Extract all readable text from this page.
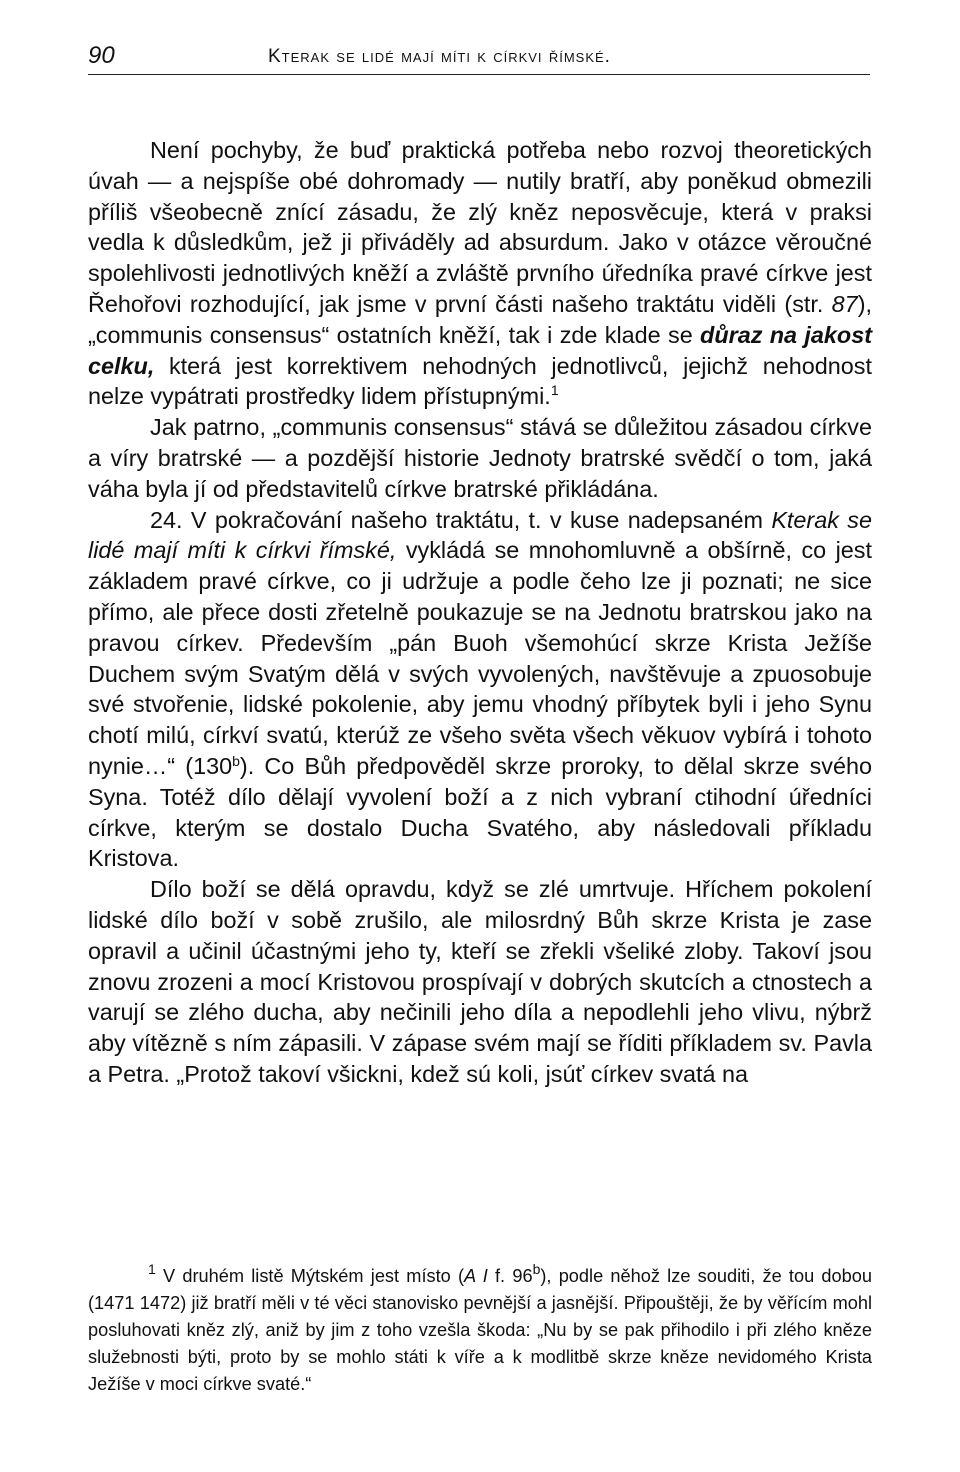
90	Kterak se lidé mají míti k církvi římské.

Není pochyby, že buď praktická potřeba nebo rozvoj theoretických úvah — a nejspíše obé dohromady — nutily bratří, aby poněkud obmezili příliš všeobecně znící zásadu, že zlý kněz neposvěcuje, která v praksi vedla k důsledkům, jež ji přiváděly ad absurdum. Jako v otázce věroučné spolehlivosti jednotlivých kněží a zvláště prvního úředníka pravé církve jest Řehořovi rozhodující, jak jsme v první části našeho traktátu viděli (str. 87), „communis consensus“ ostatních kněží, tak i zde klade se důraz na jakost celku, která jest korrektivem nehodných jednotlivců, jejichž nehodnost nelze vypátrati prostředky lidem přístupnými.$^1$

Jak patrno, „communis consensus“ stává se důležitou zásadou církve a víry bratrské — a pozdější historie Jednoty bratrské svědčí o tom, jaká váha byla jí od představitelů církve bratrské přikládána.

24. V pokračování našeho traktátu, t. v kuse nadepsaném Kterak se lidé mají míti k církvi římské, vykládá se mnohomluvně a obšírně, co jest základem pravé církve, co ji udržuje a podle čeho lze ji poznati; ne sice přímo, ale přece dosti zřetelně poukazuje se na Jednotu bratrskou jako na pravou církev. Především „pán Buoh všemohúcí skrze Krista Ježíše Duchem svým Svatým dělá v svých vyvolených, navštěvuje a zpuosobuje své stvořenie, lidské pokolenie, aby jemu vhodný příbytek byli i jeho Synu chotí milú, církví svatú, kterúž ze všeho světa všech věkuov vybírá i tohoto nynie…“ (130$^b$). Co Bůh předpověděl skrze proroky, to dělal skrze svého Syna. Totéž dílo dělají vyvolení boží a z nich vybraní ctihodní úředníci církve, kterým se dostalo Ducha Svatého, aby následovali příkladu Kristova.

Dílo boží se dělá opravdu, když se zlé umrtvuje. Hříchem pokolení lidské dílo boží v sobě zrušilo, ale milosrdný Bůh skrze Krista je zase opravil a učinil účastnými jeho ty, kteří se zřekli všeliké zloby. Takoví jsou znovu zrozeni a mocí Kristovou prospívají v dobrých skutcích a ctnostech a varují se zlého ducha, aby nečinili jeho díla a nepodlehli jeho vlivu, nýbrž aby vítězně s ním zápasili. V zápase svém mají se říditi příkladem sv. Pavla a Petra. „Protož takoví všickni, kdež sú koli, jsúť církev svatá na

$^1$ V druhém listě Mýtském jest místo (A I f. 96$^b$), podle něhož lze souditi, že tou dobou (1471 1472) již bratří měli v té věci stanovisko pevnější a jasnější. Připouštěji, že by věřícím mohl posluhovati kněz zlý, aniž by jim z toho vzešla škoda: „Nu by se pak přihodilo i při zlého kněze služebnosti býti, proto by se mohlo státi k víře a k modlitbě skrze kněze nevidomého Krista Ježíše v moci církve svaté.“
